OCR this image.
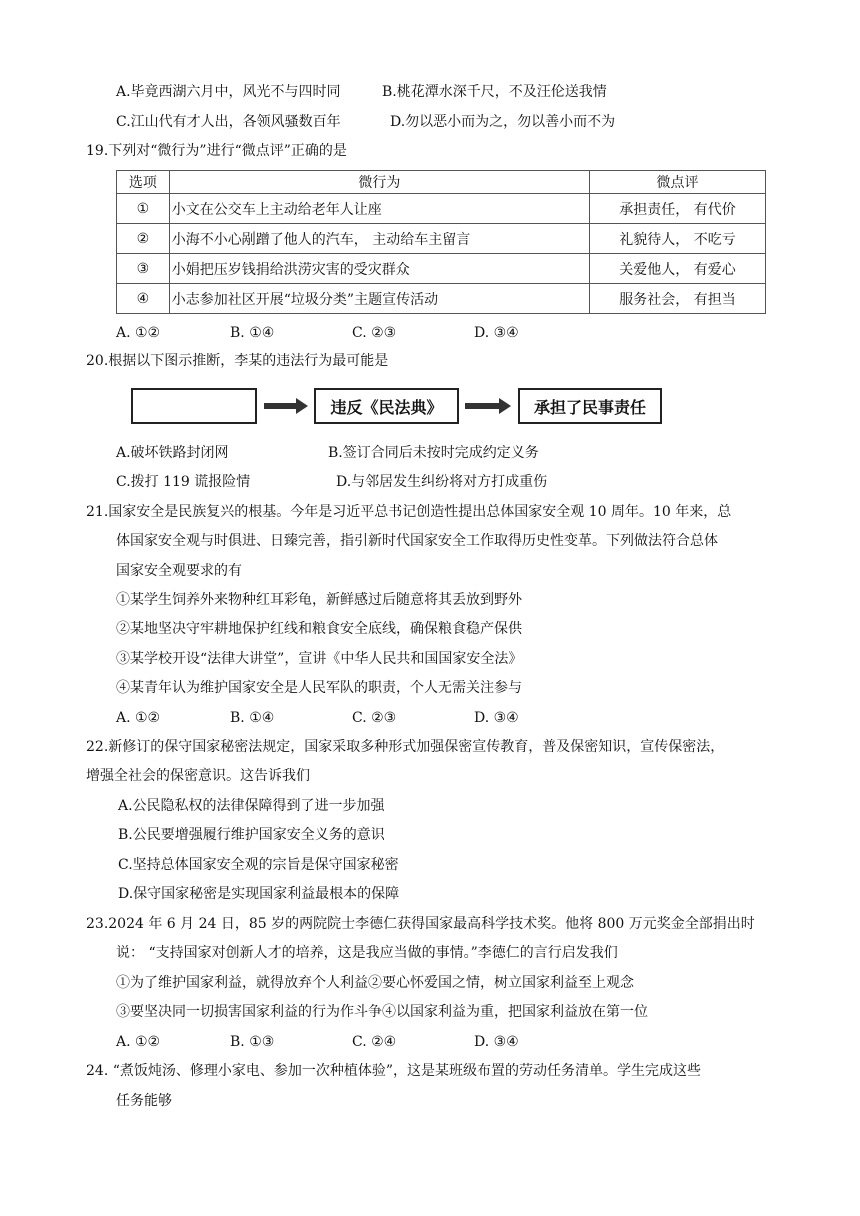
A.毕竟西湖六月中，风光不与四时同	B.桃花潭水深千尺，不及汪伦送我情
C.江山代有才人出，各领风骚数百年	D.勿以恶小而为之，勿以善小而不为
19.下列对“微行为”进行“微点评”正确的是
选项	微行为	微点评
①	小文在公交车上主动给老年人让座	承担责任， 有代价
②	小海不小心剐蹭了他人的汽车， 主动给车主留言	礼貌待人， 不吃亏
③	小娟把压岁钱捐给洪涝灾害的受灾群众	关爱他人， 有爱心
④	小志参加社区开展“垃圾分类”主题宣传活动	服务社会， 有担当
A. ①②	B. ①④	C. ②③	D. ③④
20.根据以下图示推断，李某的违法行为最可能是
违反《民法典》	承担了民事责任
A.破坏铁路封闭网	B.签订合同后未按时完成约定义务
C.拨打 119 谎报险情	D.与邻居发生纠纷将对方打成重伤
21.国家安全是民族复兴的根基。今年是习近平总书记创造性提出总体国家安全观 10 周年。10 年来，总
体国家安全观与时俱进、日臻完善，指引新时代国家安全工作取得历史性变革。下列做法符合总体
国家安全观要求的有
①某学生饲养外来物种红耳彩龟，新鲜感过后随意将其丢放到野外
②某地坚决守牢耕地保护红线和粮食安全底线，确保粮食稳产保供
③某学校开设“法律大讲堂”，宣讲《中华人民共和国国家安全法》
④某青年认为维护国家安全是人民军队的职责，个人无需关注参与
A. ①②	B. ①④	C. ②③	D. ③④
22.新修订的保守国家秘密法规定，国家采取多种形式加强保密宣传教育，普及保密知识，宣传保密法，
增强全社会的保密意识。这告诉我们
A.公民隐私权的法律保障得到了进一步加强
B.公民要增强履行维护国家安全义务的意识
C.坚持总体国家安全观的宗旨是保守国家秘密
D.保守国家秘密是实现国家利益最根本的保障
23.2024 年 6 月 24 日，85 岁的两院院士李德仁获得国家最高科学技术奖。他将 800 万元奖金全部捐出时
说： “支持国家对创新人才的培养，这是我应当做的事情。”李德仁的言行启发我们
①为了维护国家利益，就得放弃个人利益②要心怀爱国之情，树立国家利益至上观念
③要坚决同一切损害国家利益的行为作斗争④以国家利益为重，把国家利益放在第一位
A. ①②	B. ①③	C. ②④	D. ③④
24. “煮饭炖汤、修理小家电、参加一次种植体验”，这是某班级布置的劳动任务清单。学生完成这些
任务能够
